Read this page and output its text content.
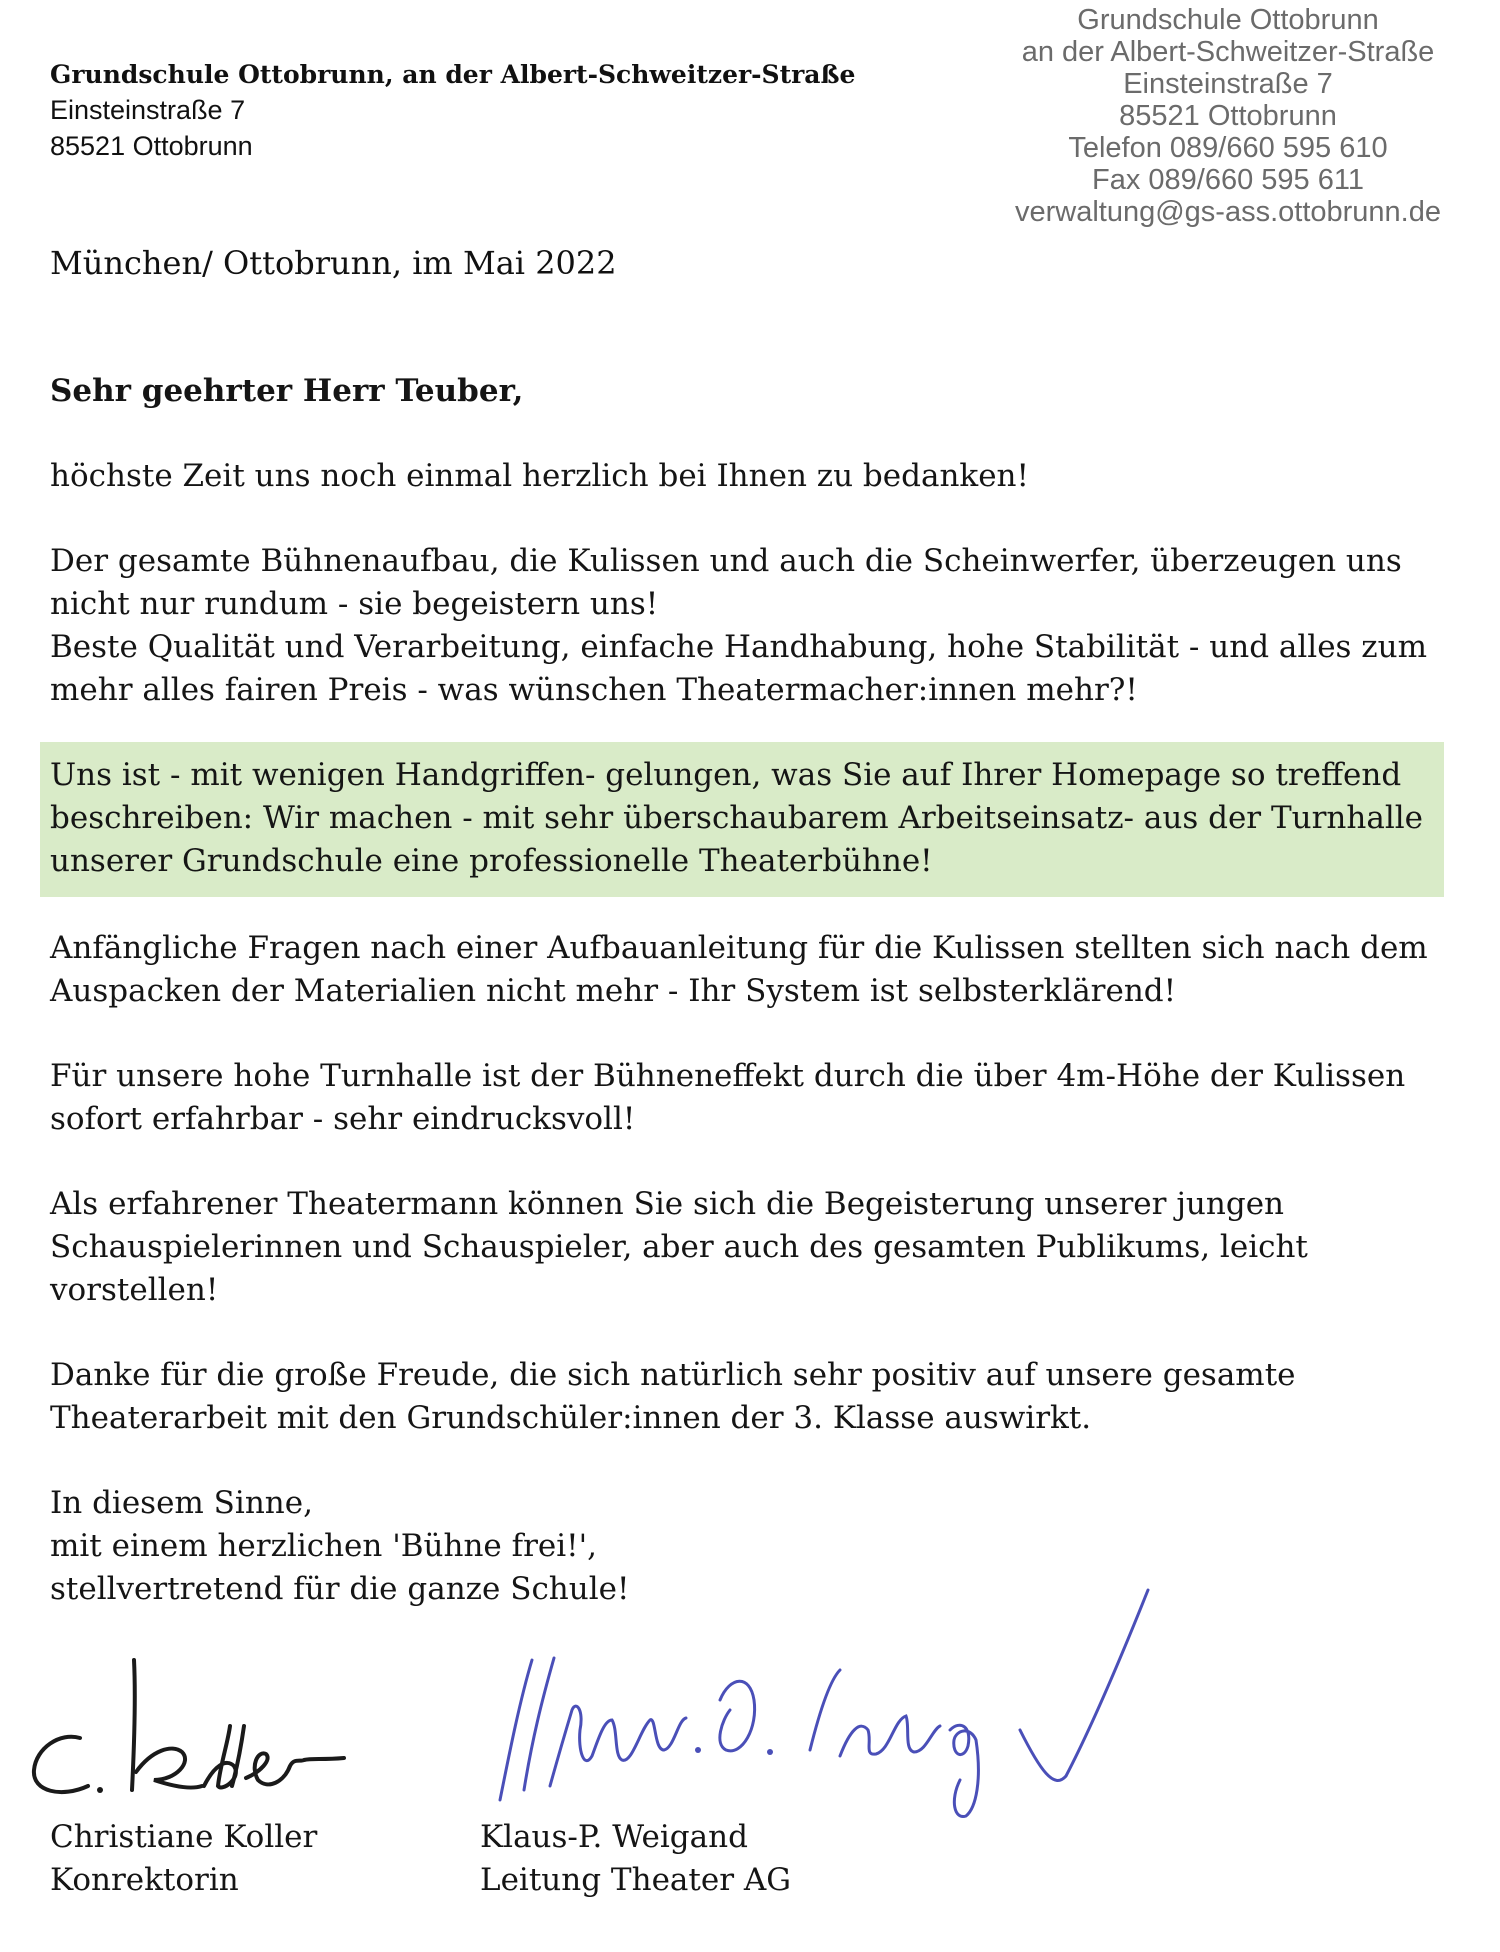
Grundschule Ottobrunn, an der Albert-Schweitzer-Straße
Einsteinstraße 7
85521 Ottobrunn
Grundschule Ottobrunn
an der Albert-Schweitzer-Straße
Einsteinstraße 7
85521 Ottobrunn
Telefon 089/660 595 610
Fax 089/660 595 611
verwaltung@gs-ass.ottobrunn.de
München/ Ottobrunn, im Mai 2022
Sehr geehrter Herr Teuber,
höchste Zeit uns noch einmal herzlich bei Ihnen zu bedanken!
Der gesamte Bühnenaufbau, die Kulissen und auch die Scheinwerfer, überzeugen uns
nicht nur rundum - sie begeistern uns!
Beste Qualität und Verarbeitung, einfache Handhabung, hohe Stabilität - und alles zum
mehr alles fairen Preis - was wünschen Theatermacher:innen mehr?!
Uns ist - mit wenigen Handgriffen- gelungen, was Sie auf Ihrer Homepage so treffend
beschreiben: Wir machen - mit sehr überschaubarem Arbeitseinsatz- aus der Turnhalle
unserer Grundschule eine professionelle Theaterbühne!
Anfängliche Fragen nach einer Aufbauanleitung für die Kulissen stellten sich nach dem
Auspacken der Materialien nicht mehr - Ihr System ist selbsterklärend!
Für unsere hohe Turnhalle ist der Bühneneffekt durch die über 4m-Höhe der Kulissen
sofort erfahrbar - sehr eindrucksvoll!
Als erfahrener Theatermann können Sie sich die Begeisterung unserer jungen
Schauspielerinnen und Schauspieler, aber auch des gesamten Publikums, leicht
vorstellen!
Danke für die große Freude, die sich natürlich sehr positiv auf unsere gesamte
Theaterarbeit mit den Grundschüler:innen der 3. Klasse auswirkt.
In diesem Sinne,
mit einem herzlichen 'Bühne frei!',
stellvertretend für die ganze Schule!
Christiane Koller
Konrektorin
Klaus-P. Weigand
Leitung Theater AG
